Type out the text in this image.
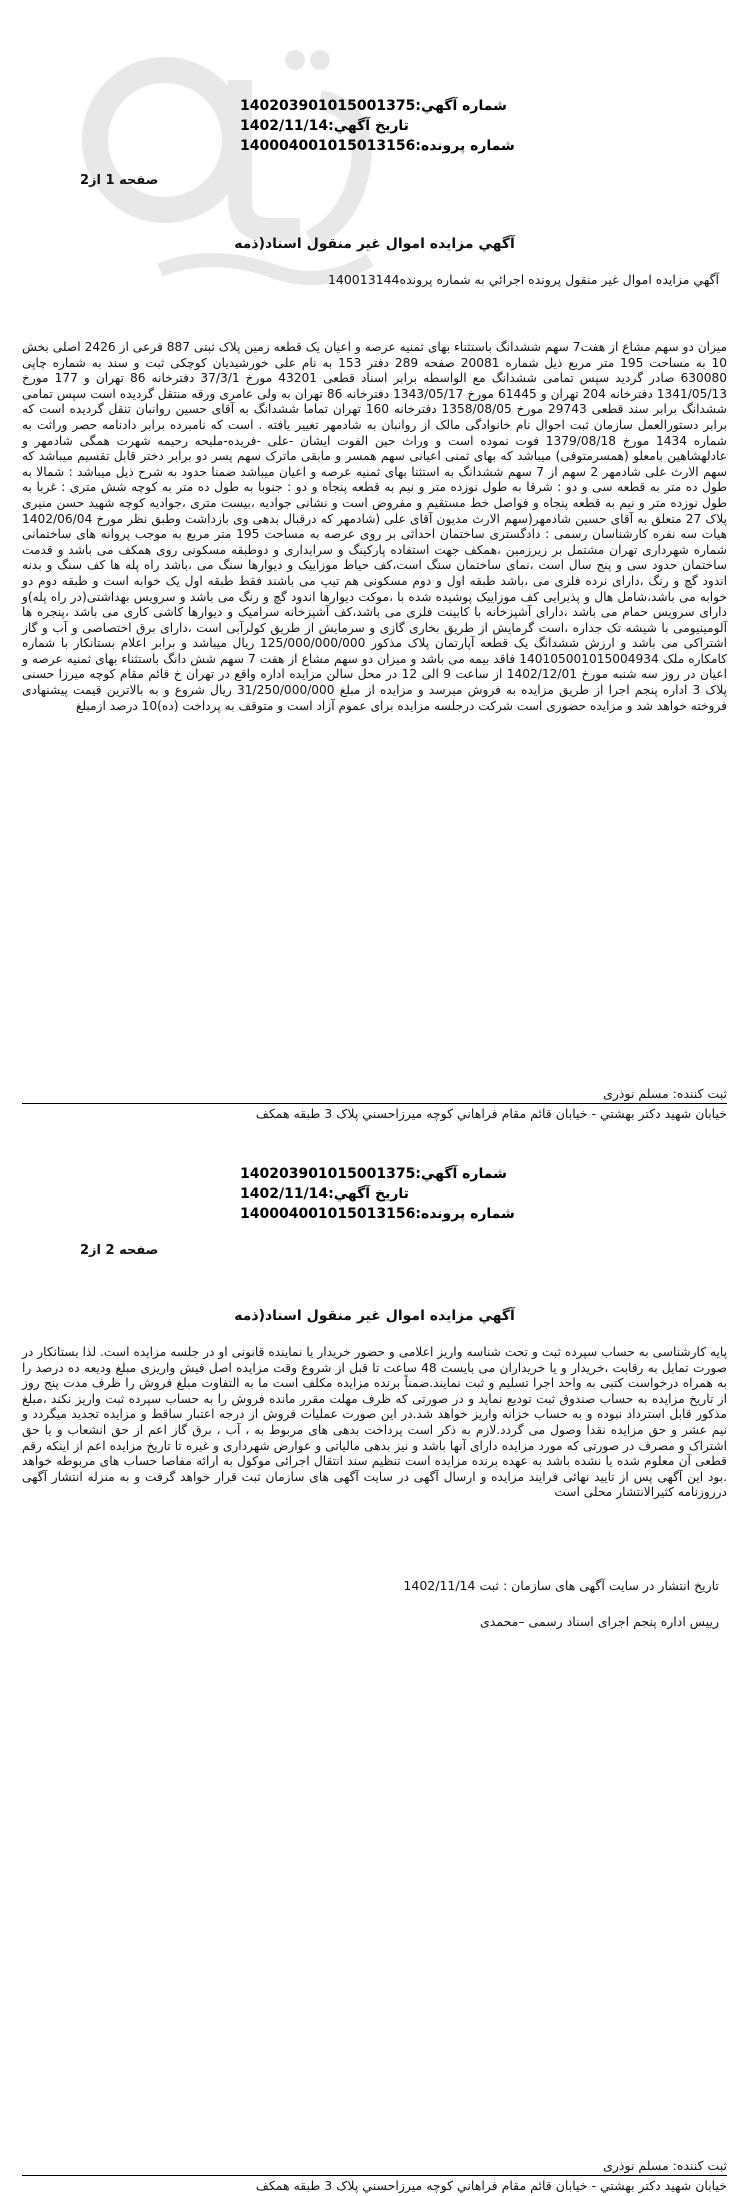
شماره آگهي:140203901015001375
تاريخ آگهي:1402/11/14
شماره پرونده:140004001015013156
صفحه 1 از2
آگهي مزايده اموال غير منقول اسناد(ذمه
آگهي مزايده اموال غير منقول پرونده اجرائي به شماره پرونده140013144
ميزان دو سهم مشاع از هفت7 سهم ششدانگ باستثناء بهای ثمنيه عرصه و اعيان يک قطعه زمين پلاک ثبتی 887 فرعی از 2426 اصلی بخش 10 به مساحت 195 متر مربع ذيل شماره 20081 صفحه 289 دفتر 153 به نام علی خورشيديان کوچکی ثبت و سند به شماره چاپی 630080 صادر گرديد سپس تمامی ششدانگ مع الواسطه برابر اسناد قطعی 43201 مورخ 37/3/1 دفترخانه 86 تهران و 177 مورخ 1341/05/13 دفترخانه 204 تهران و 61445 مورخ 1343/05/17 دفترخانه 86 تهران به ولی عامری ورقه منتقل گرديده است سپس تمامی ششدانگ برابر سند قطعی 29743 مورخ 1358/08/05 دفترخانه 160 تهران تماما ششدانگ به آقای حسين روانبان تنقل گرديده است که برابر دستورالعمل سازمان ثبت احوال نام خانوادگی مالک از روانبان به شادمهر تغيير يافته . است که نامبرده برابر دادنامه حصر وراثت به شماره 1434 مورخ 1379/08/18 فوت نموده است و وراث حين الفوت ايشان -علی -فريده-مليحه رحيمه شهرت همگی شادمهر و عادلهشاهين بامعلو (همسرمتوفی) ميباشد که بهای ثمنی اعيانی سهم همسر و مابقی ماترک سهم پسر دو برابر دختر قابل تقسيم ميباشد که سهم الارث علی شادمهر 2 سهم از 7 سهم ششدانگ به استثنا بهای ثمنيه عرصه و اعيان ميباشد ضمنا حدود به شرح ذيل ميباشد : شمالا به طول ده متر به قطعه سی و دو : شرقا به طول نوزده متر و نيم به قطعه پنجاه و دو : جنوبا به طول ده متر به کوچه شش متری : غربا به طول نوزده متر و نيم به قطعه پنجاه و فواصل خط مستقيم و مفروض است و نشانی جواديه ،بيست متری ،جواديه کوچه شهيد حسن منيری پلاک 27 متعلق به آقای حسين شادمهر(سهم الارث مدیون آقای علی (شادمهر که درقبال بدهی وی بازداشت وطبق نظر مورخ 1402/06/04 هيات سه نفره کارشناسان رسمی : دادگستری ساختمان احداثی بر روی عرصه به مساحت 195 متر مربع به موجب پروانه های ساختمانی شماره شهرداری تهران مشتمل بر زيرزمين ،همکف جهت استفاده پارکينگ و سرايداری و دوطبقه مسکونی روی همکف می باشد و قدمت ساختمان حدود سی و پنج سال است ،نمای ساختمان سنگ است،کف حياط موزاييک و ديوارها سنگ می ،باشد راه پله ها کف سنگ و بدنه اندود گچ و رنگ ،دارای نرده فلزی می ،باشد طبقه اول و دوم مسکونی هم تيپ می باشند فقط طبقه اول يک خوابه است و طبقه دوم دو خوابه می باشد،شامل هال و پذيرايی کف موزاييک پوشيده شده با ،موکت ديوارها اندود گچ و رنگ می باشد و سرويس بهداشتی(در راه پله)و دارای سرويس حمام می باشد ،دارای آشپزخانه با کابينت فلزی می باشد،کف آشپزخانه سراميک و ديوارها کاشی کاری می باشد ،پنجره ها آلومينيومی با شيشه تک جداره ،است گرمايش از طريق بخاری گازی و سرمايش از طريق کولرآبی است ،دارای برق اختصاصی و آب و گاز اشتراکی می باشد و ارزش ششدانگ يک قطعه آپارتمان پلاک مذکور 125/000/000/000 ريال ميباشد و برابر اعلام بستانکار با شماره کامکاره ملک 140105001015004934 فاقد بيمه می باشد و ميزان دو سهم مشاع از هفت 7 سهم شش دانگ باستثناء بهای ثمنيه عرصه و اعيان در روز سه شنبه مورخ 1402/12/01 از ساعت 9 الی 12 در محل سالن مزايده اداره واقع در تهران خ قائم مقام کوچه ميرزا حسنی پلاک 3 اداره پنجم اجرا از طريق مزايده به فروش ميرسد و مزايده از مبلغ 31/250/000/000 ريال شروع و به بالاترين قيمت پيشنهادی فروخته خواهد شد و مزايده حضوری است شرکت درجلسه مزايده برای عموم آزاد است و متوقف به پرداخت (ده)10 درصد ازمبلغ
ثبت کننده: مسلم نوذری
خيابان شهيد دکتر بهشتي - خيابان قائم مقام فراهاني کوچه ميرزاحسني پلاک 3 طبقه همکف
شماره آگهي:140203901015001375
تاريخ آگهي:1402/11/14
شماره پرونده:140004001015013156
صفحه 2 از2
آگهي مزايده اموال غير منقول اسناد(ذمه
پايه کارشناسی به حساب سپرده ثبت و تحت شناسه واريز اعلامی و حضور خريدار يا نماينده قانونی او در جلسه مزايده است. لذا بستانکار در صورت تمايل به رقابت ،خريدار و يا خريداران می بايست 48 ساعت تا قبل از شروع وقت مزايده اصل فيش واريزی مبلغ وديعه ده درصد را به همراه درخواست کتبی به واحد اجرا تسليم و ثبت نمايند.ضمناً برنده مزايده مکلف است ما به التفاوت مبلغ فروش را ظرف مدت پنج روز از تاريخ مزايده به حساب صندوق ثبت توديع نمايد و در صورتی که ظرف مهلت مقرر مانده فروش را به حساب سپرده ثبت واريز نکند ،مبلغ مذکور قابل استرداد نبوده و به حساب خزانه واريز خواهد شد.در اين صورت عمليات فروش از درجه اعتبار ساقط و مزايده تجديد ميگردد و نيم عشر و حق مزايده نقدا وصول می گردد.لازم به ذکر است پرداخت بدهی های مربوط به ، آب ، برق گاز اعم از حق انشعاب و يا حق اشتراک و مصرف در صورتی که مورد مزايده دارای آنها باشد و نيز بدهی مالياتی و عوارض شهرداری و غيره تا تاريخ مزايده اعم از اينکه رقم قطعی آن معلوم شده يا نشده باشد به عهده برنده مزايده است تنظيم سند انتقال اجرائی موکول به ارائه مفاصا حساب های مربوطه خواهد .بود اين آگهی پس از تاييد نهائی فرايند مزايده و ارسال آگهی در سايت آگهی های سازمان ثبت قرار خواهد گرفت و به منزله انتشار آگهی درروزنامه کثيرالانتشار محلی است
تاريخ انتشار در سايت آگهی های سازمان : ثبت 1402/11/14
رييس اداره پنجم اجرای اسناد رسمی –محمدی
ثبت کننده: مسلم نوذری
خيابان شهيد دکتر بهشتي - خيابان قائم مقام فراهاني کوچه ميرزاحسني پلاک 3 طبقه همکف
